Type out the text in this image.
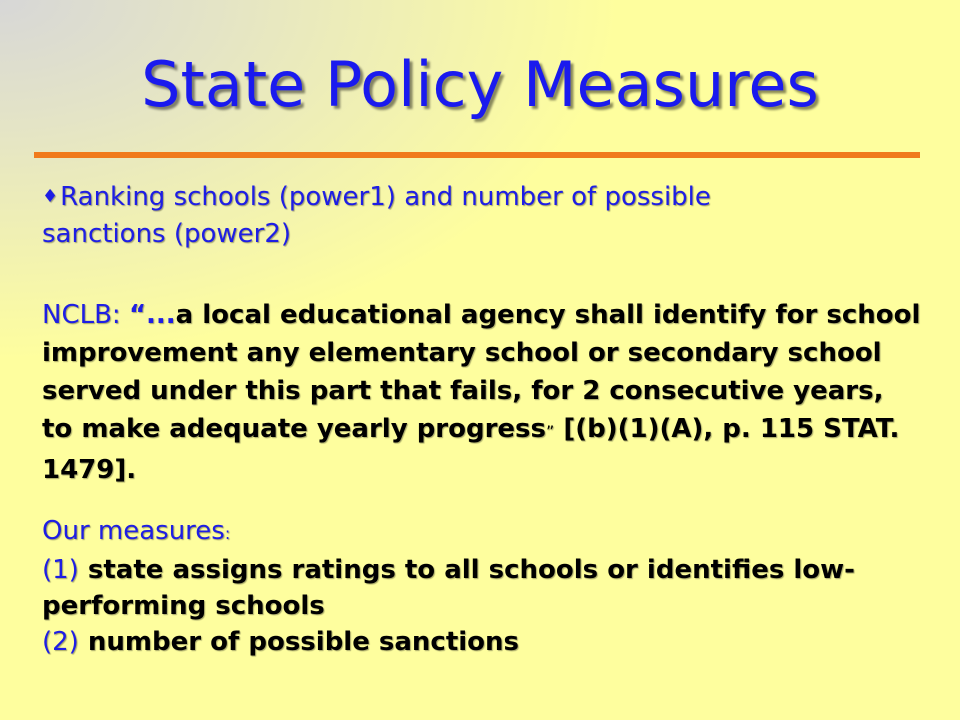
State Policy Measures
♦Ranking schools (power1) and number of possible
sanctions (power2)
NCLB: “...a local educational agency shall identify for school improvement any elementary school or secondary school served under this part that fails, for 2 consecutive years, to make adequate yearly progress” [(b)(1)(A), p. 115 STAT. 1479].
Our measures:
(1) state assigns ratings to all schools or identifies low-performing schools
(2) number of possible sanctions
